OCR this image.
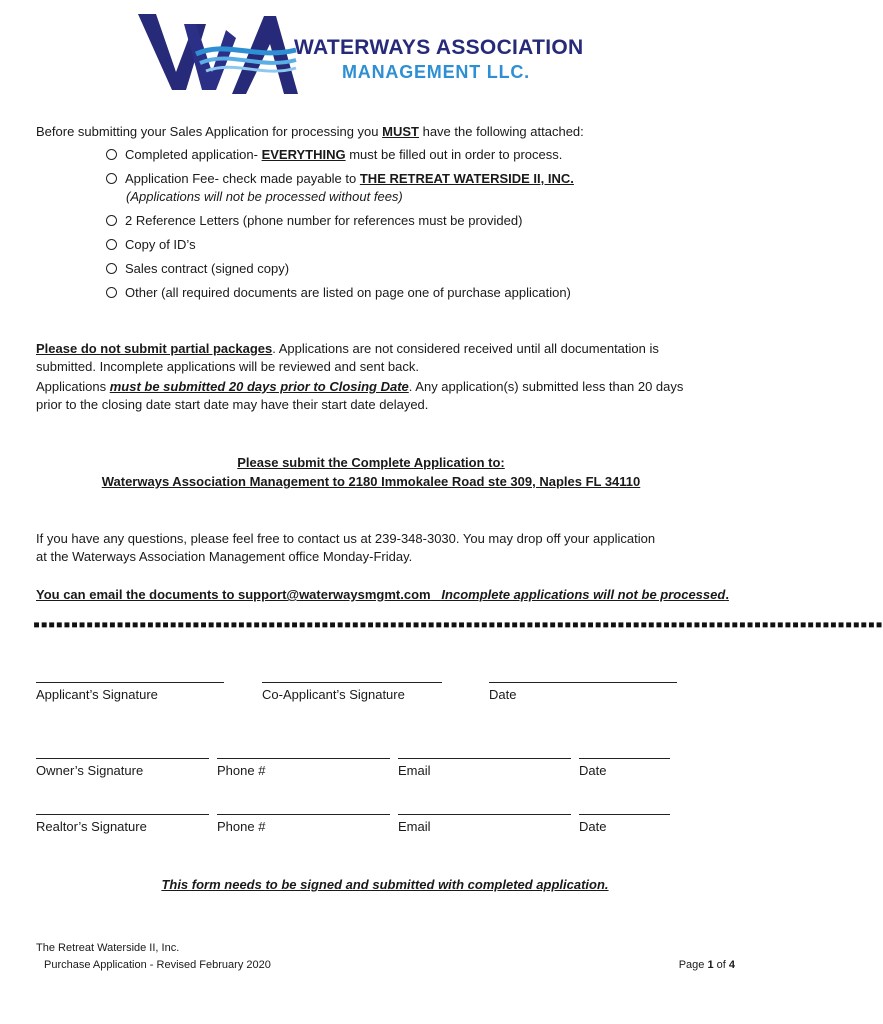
WATERWAYS ASSOCIATION
MANAGEMENT LLC.
Before submitting your Sales Application for processing you MUST have the following attached:
Completed application- EVERYTHING must be filled out in order to process.
Application Fee- check made payable to THE RETREAT WATERSIDE II, INC.
(Applications will not be processed without fees)
2 Reference Letters (phone number for references must be provided)
Copy of ID’s
Sales contract (signed copy)
Other (all required documents are listed on page one of purchase application)
Please do not submit partial packages. Applications are not considered received until all documentation is
submitted. Incomplete applications will be reviewed and sent back.
Applications must be submitted 20 days prior to Closing Date. Any application(s) submitted less than 20 days
prior to the closing date start date may have their start date delayed.
Please submit the Complete Application to:
Waterways Association Management to 2180 Immokalee Road ste 309, Naples FL 34110
If you have any questions, please feel free to contact us at 239-348-3030. You may drop off your application
at the Waterways Association Management office Monday-Friday.
You can email the documents to support@waterwaysmgmt.com Incomplete applications will not be processed.
▪▪▪▪▪▪▪▪▪▪▪▪▪▪▪▪▪▪▪▪▪▪▪▪▪▪▪▪▪▪▪▪▪▪▪▪▪▪▪▪▪▪▪▪▪▪▪▪▪▪▪▪▪▪▪▪▪▪▪▪▪▪▪▪▪▪▪▪▪▪▪▪▪▪▪▪▪▪▪▪▪▪▪▪▪▪▪▪▪▪▪▪▪▪▪▪▪▪▪▪▪▪▪▪▪▪▪▪▪▪▪▪
Applicant’s Signature	Co-Applicant’s Signature	Date
Owner’s Signature	Phone #	Email	Date
Realtor’s Signature	Phone #	Email	Date
This form needs to be signed and submitted with completed application.
The Retreat Waterside II, Inc.
Purchase Application - Revised February 2020	Page 1 of 4
